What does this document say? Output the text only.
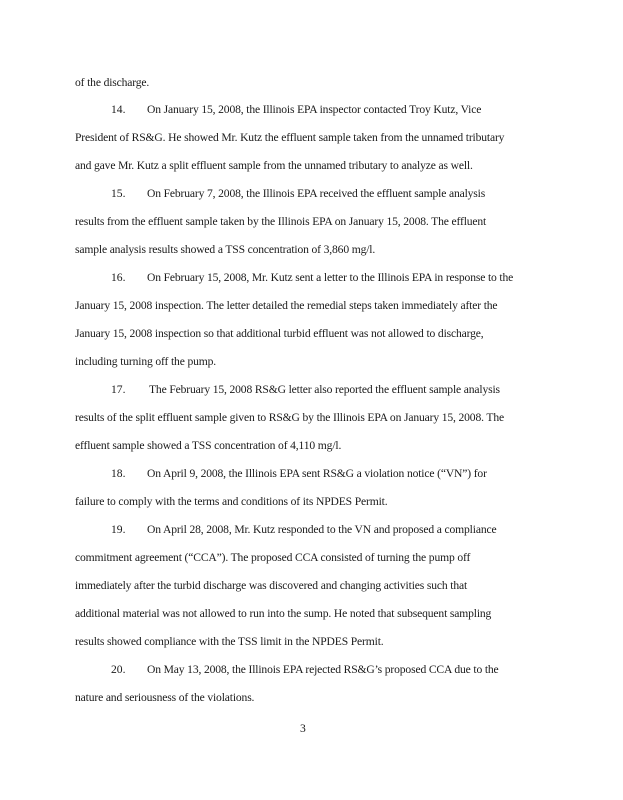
of the discharge.
14. On January 15, 2008, the Illinois EPA inspector contacted Troy Kutz, Vice
President of RS&G. He showed Mr. Kutz the effluent sample taken from the unnamed tributary
and gave Mr. Kutz a split effluent sample from the unnamed tributary to analyze as well.
15. On February 7, 2008, the Illinois EPA received the effluent sample analysis
results from the effluent sample taken by the Illinois EPA on January 15, 2008. The effluent
sample analysis results showed a TSS concentration of 3,860 mg/l.
16. On February 15, 2008, Mr. Kutz sent a letter to the Illinois EPA in response to the
January 15, 2008 inspection. The letter detailed the remedial steps taken immediately after the
January 15, 2008 inspection so that additional turbid effluent was not allowed to discharge,
including turning off the pump.
17. The February 15, 2008 RS&G letter also reported the effluent sample analysis
results of the split effluent sample given to RS&G by the Illinois EPA on January 15, 2008. The
effluent sample showed a TSS concentration of 4,110 mg/l.
18. On April 9, 2008, the Illinois EPA sent RS&G a violation notice (“VN”) for
failure to comply with the terms and conditions of its NPDES Permit.
19. On April 28, 2008, Mr. Kutz responded to the VN and proposed a compliance
commitment agreement (“CCA”). The proposed CCA consisted of turning the pump off
immediately after the turbid discharge was discovered and changing activities such that
additional material was not allowed to run into the sump. He noted that subsequent sampling
results showed compliance with the TSS limit in the NPDES Permit.
20. On May 13, 2008, the Illinois EPA rejected RS&G’s proposed CCA due to the
nature and seriousness of the violations.
3
